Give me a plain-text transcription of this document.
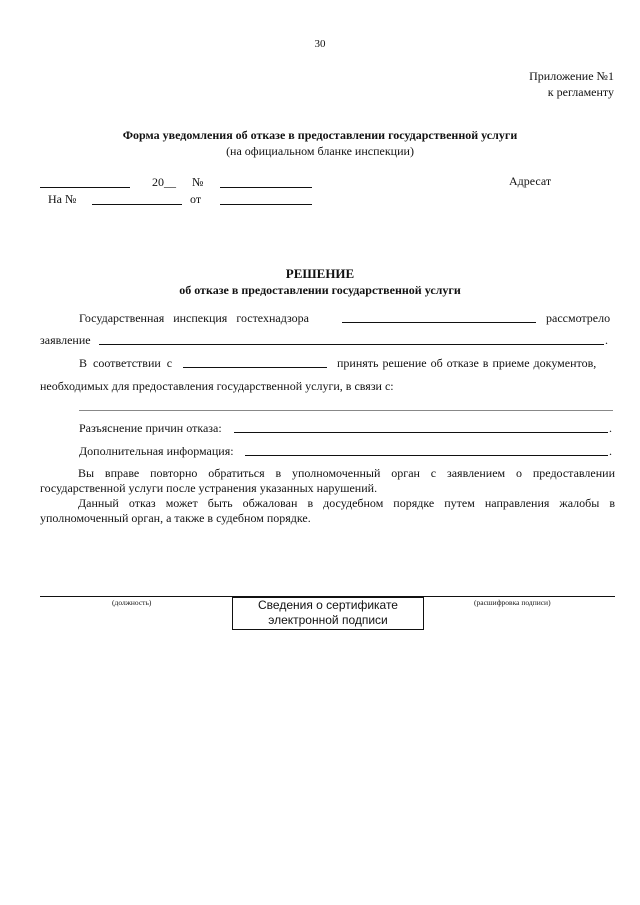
30
Приложение №1
к регламенту
Форма уведомления об отказе в предоставлении государственной услуги
(на официальном бланке инспекции)
20__ №	Адресат
На №	от
РЕШЕНИЕ
об отказе в предоставлении государственной услуги
Государственная инспекция гостехнадзора	рассмотрело
заявление	.
В соответствии с	принять решение об отказе в приеме документов,
необходимых для предоставления государственной услуги, в связи с:
Разъяснение причин отказа:	.
Дополнительная информация:	.
Вы вправе повторно обратиться в уполномоченный орган с заявлением о предоставлении государственной услуги после устранения указанных нарушений.
Данный отказ может быть обжалован в досудебном порядке путем направления жалобы в уполномоченный орган, а также в судебном порядке.
(должность)	Сведения о сертификате
электронной подписи
(расшифровка подписи)
